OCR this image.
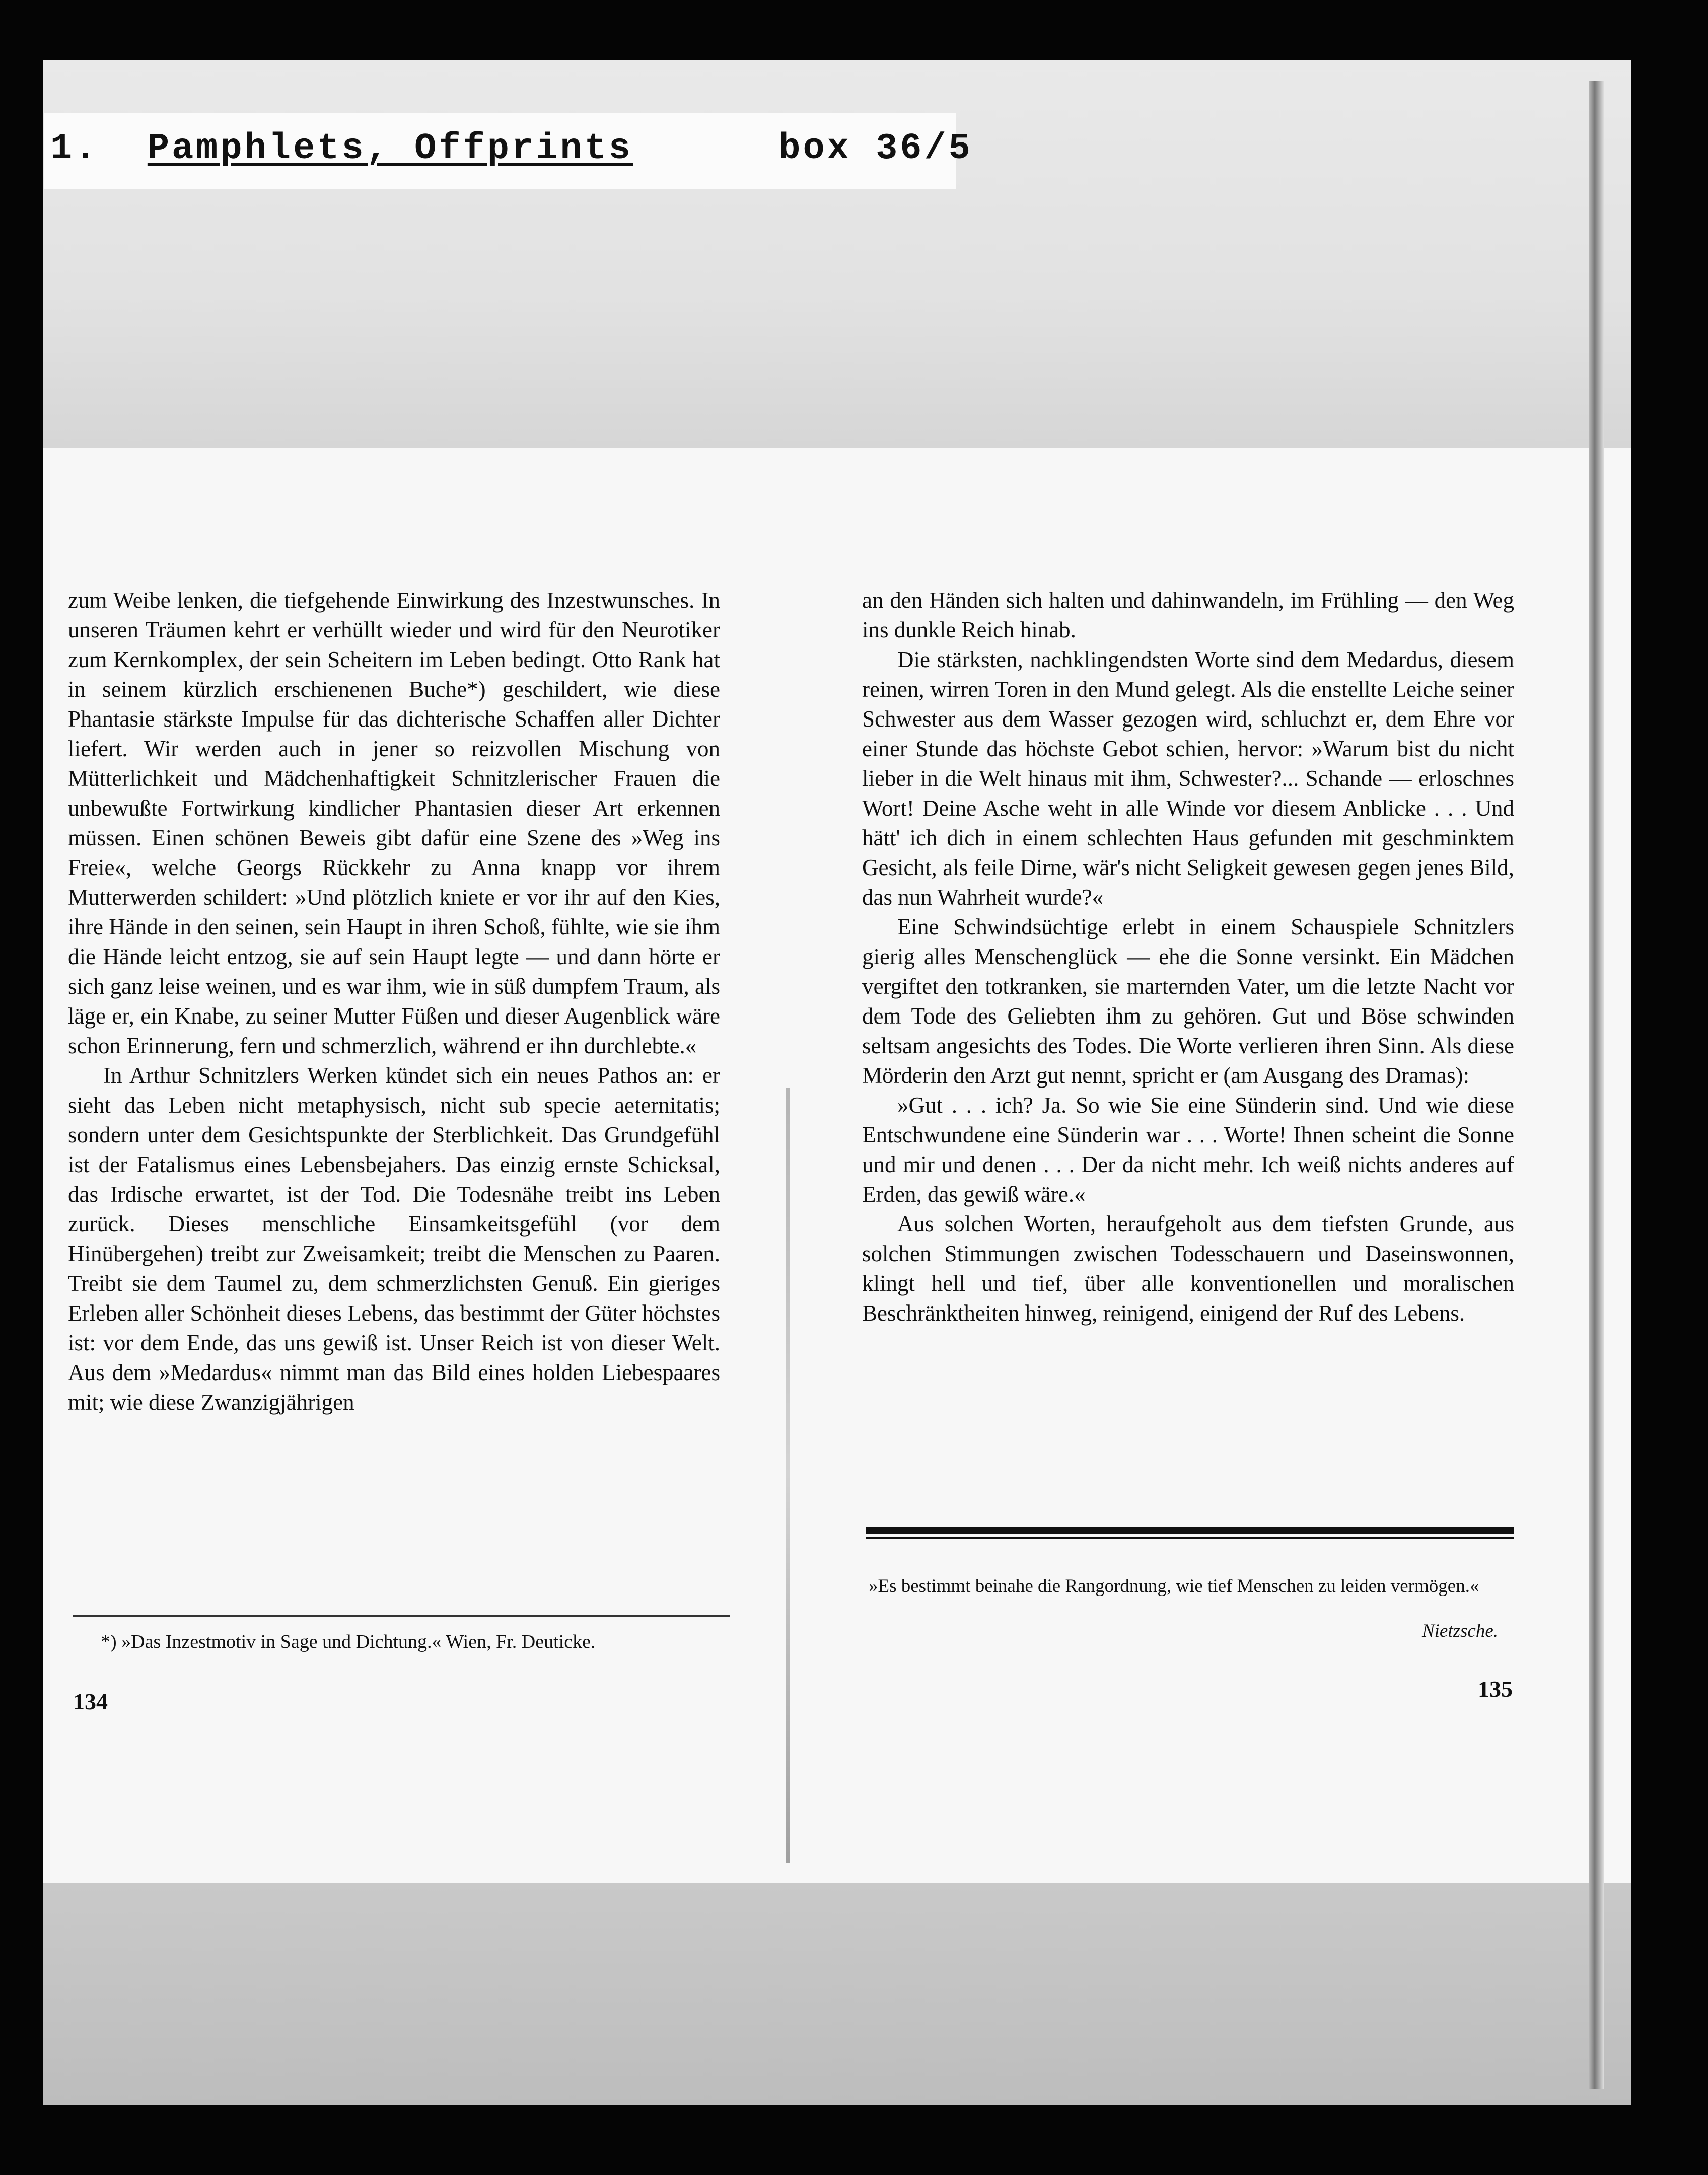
1. Pamphlets, Offprints	box 36/5

zum Weibe lenken, die tiefgehende Einwirkung des Inzestwunsches. In unseren Träumen kehrt er verhüllt wieder und wird für den Neurotiker zum Kernkomplex, der sein Scheitern im Leben bedingt. Otto Rank hat in seinem kürzlich erschienenen Buche*) geschildert, wie diese Phantasie stärkste Impulse für das dichterische Schaffen aller Dichter liefert. Wir werden auch in jener so reizvollen Mischung von Mütterlichkeit und Mädchenhaftigkeit Schnitzlerischer Frauen die unbewußte Fortwirkung kindlicher Phantasien dieser Art erkennen müssen. Einen schönen Beweis gibt dafür eine Szene des »Weg ins Freie«, welche Georgs Rückkehr zu Anna knapp vor ihrem Mutterwerden schildert: »Und plötzlich kniete er vor ihr auf den Kies, ihre Hände in den seinen, sein Haupt in ihren Schoß, fühlte, wie sie ihm die Hände leicht entzog, sie auf sein Haupt legte — und dann hörte er sich ganz leise weinen, und es war ihm, wie in süß dumpfem Traum, als läge er, ein Knabe, zu seiner Mutter Füßen und dieser Augenblick wäre schon Erinnerung, fern und schmerzlich, während er ihn durchlebte.«

In Arthur Schnitzlers Werken kündet sich ein neues Pathos an: er sieht das Leben nicht metaphysisch, nicht sub specie aeternitatis; sondern unter dem Gesichtspunkte der Sterblichkeit. Das Grundgefühl ist der Fatalismus eines Lebensbejahers. Das einzig ernste Schicksal, das Irdische erwartet, ist der Tod. Die Todesnähe treibt ins Leben zurück. Dieses menschliche Einsamkeitsgefühl (vor dem Hinübergehen) treibt zur Zweisamkeit; treibt die Menschen zu Paaren. Treibt sie dem Taumel zu, dem schmerzlichsten Genuß. Ein gieriges Erleben aller Schönheit dieses Lebens, das bestimmt der Güter höchstes ist: vor dem Ende, das uns gewiß ist. Unser Reich ist von dieser Welt. Aus dem »Medardus« nimmt man das Bild eines holden Liebespaares mit; wie diese Zwanzigjährigen

*) »Das Inzestmotiv in Sage und Dichtung.« Wien, Fr. Deuticke.
134

an den Händen sich halten und dahinwandeln, im Frühling — den Weg ins dunkle Reich hinab.

Die stärksten, nachklingendsten Worte sind dem Medardus, diesem reinen, wirren Toren in den Mund gelegt. Als die enstellte Leiche seiner Schwester aus dem Wasser gezogen wird, schluchzt er, dem Ehre vor einer Stunde das höchste Gebot schien, hervor: »Warum bist du nicht lieber in die Welt hinaus mit ihm, Schwester?... Schande — erloschnes Wort! Deine Asche weht in alle Winde vor diesem Anblicke . . . Und hätt' ich dich in einem schlechten Haus gefunden mit geschminktem Gesicht, als feile Dirne, wär's nicht Seligkeit gewesen gegen jenes Bild, das nun Wahrheit wurde?«

Eine Schwindsüchtige erlebt in einem Schauspiele Schnitzlers gierig alles Menschenglück — ehe die Sonne versinkt. Ein Mädchen vergiftet den totkranken, sie marternden Vater, um die letzte Nacht vor dem Tode des Geliebten ihm zu gehören. Gut und Böse schwinden seltsam angesichts des Todes. Die Worte verlieren ihren Sinn. Als diese Mörderin den Arzt gut nennt, spricht er (am Ausgang des Dramas):

»Gut . . . ich? Ja. So wie Sie eine Sünderin sind. Und wie diese Entschwundene eine Sünderin war . . . Worte! Ihnen scheint die Sonne und mir und denen . . . Der da nicht mehr. Ich weiß nichts anderes auf Erden, das gewiß wäre.«

Aus solchen Worten, heraufgeholt aus dem tiefsten Grunde, aus solchen Stimmungen zwischen Todesschauern und Daseinswonnen, klingt hell und tief, über alle konventionellen und moralischen Beschränktheiten hinweg, reinigend, einigend der Ruf des Lebens.

»Es bestimmt beinahe die Rangordnung, wie tief Menschen zu leiden vermögen.«
Nietzsche.
135
